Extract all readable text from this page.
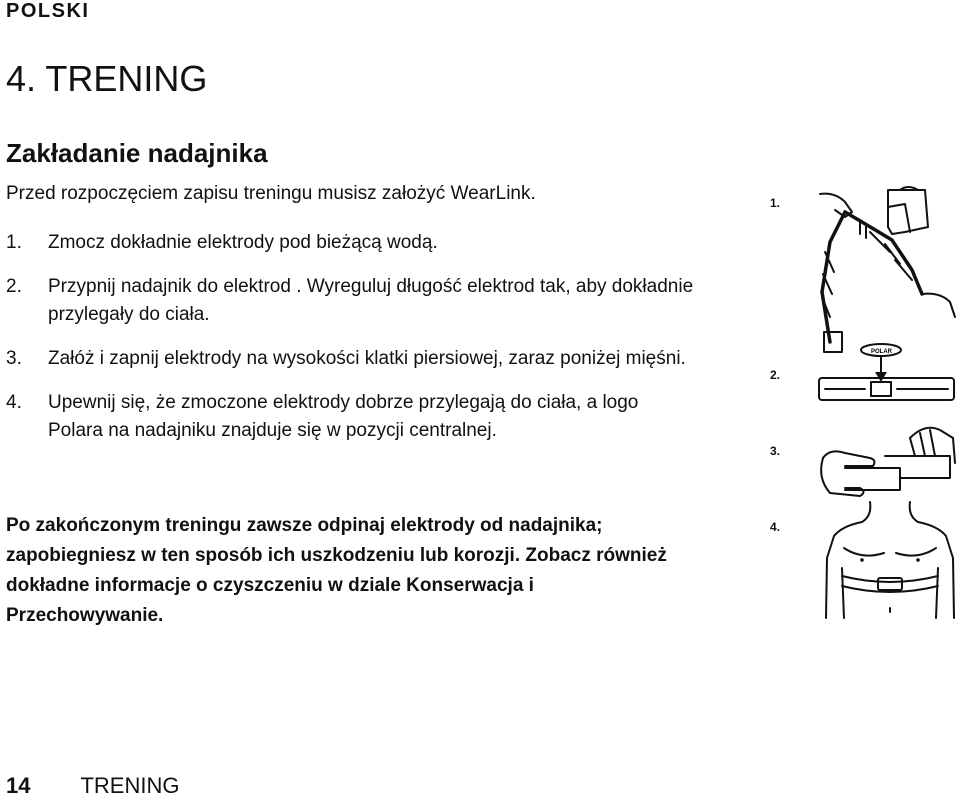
POLSKI
4. TRENING
Zakładanie nadajnika

Przed rozpoczęciem zapisu treningu musisz założyć WearLink.

1. Zmocz dokładnie elektrody pod bieżącą wodą.
2. Przypnij nadajnik do elektrod . Wyreguluj długość elektrod tak, aby dokładnie przylegały do ciała.
3. Załóż i zapnij elektrody na wysokości klatki piersiowej, zaraz poniżej mięśni.
4. Upewnij się, że zmoczone elektrody dobrze przylegają do ciała, a logo Polara na nadajniku znajduje się w pozycji centralnej.

Po zakończonym treningu zawsze odpinaj elektrody od nadajnika; zapobiegniesz w ten sposób ich uszkodzeniu lub korozji. Zobacz również dokładne informacje o czyszczeniu w dziale Konserwacja i Przechowywanie.

1.
2.
POLAR
3.
4.
14 TRENING
